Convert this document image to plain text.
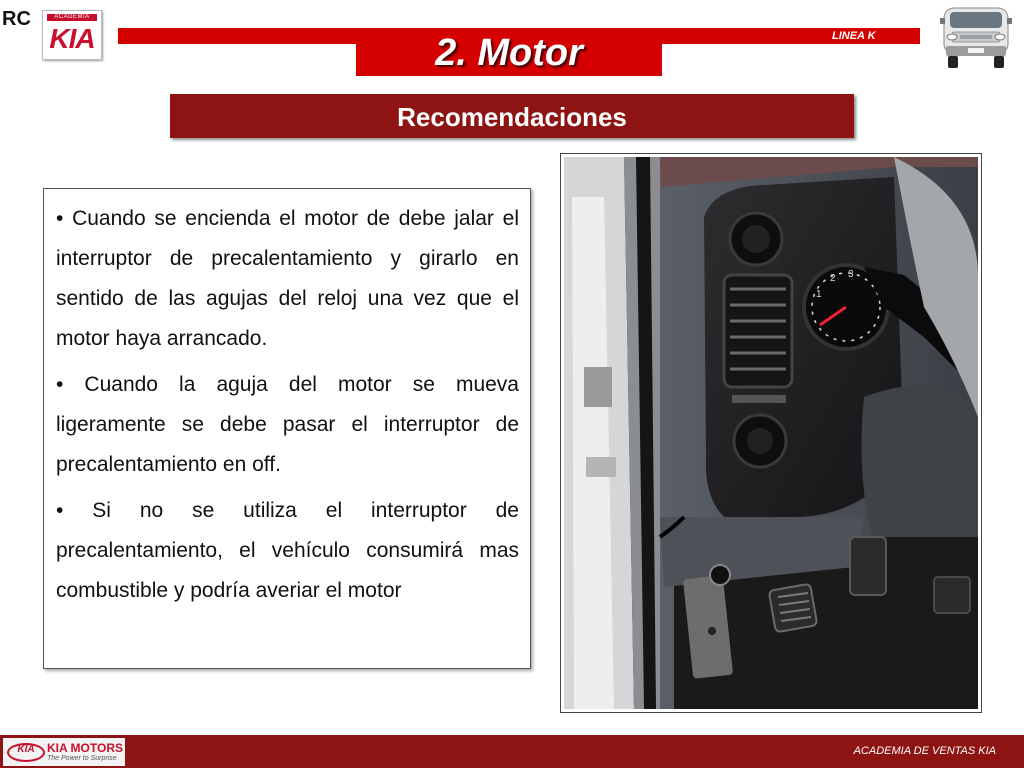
RC	ACADEMIA
KIA	LINEA K
2. Motor
Recomendaciones

• Cuando se encienda el motor de debe jalar el interruptor de precalentamiento y girarlo en sentido de las agujas del reloj una vez que el motor haya arrancado.

• Cuando la aguja del motor se mueva ligeramente se debe pasar el interruptor de precalentamiento en off.

• Si no se utiliza el interruptor de precalentamiento, el vehículo consumirá mas combustible y podría averiar el motor

1
2 3
KIA	KIA MOTORS
The Power to Surprise
ACADEMIA DE VENTAS KIA
